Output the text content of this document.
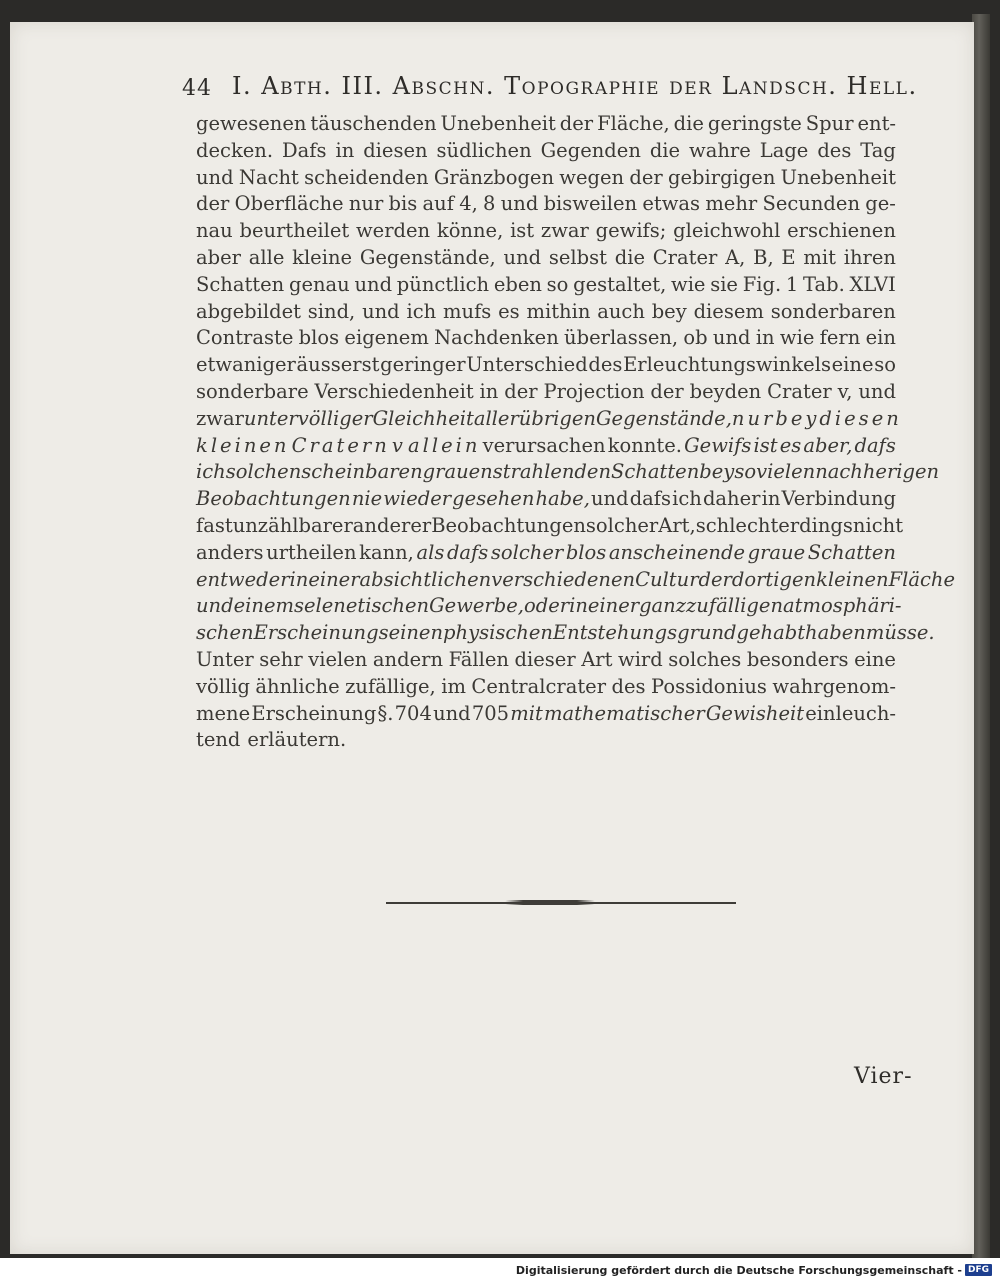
44 I. Abth. III. Abschn. Topographie der Landsch. Hell.
gewesenen täuschenden Unebenheit der Fläche, die geringste Spur ent-
decken. Dafs in diesen südlichen Gegenden die wahre Lage des Tag
und Nacht scheidenden Gränzbogen wegen der gebirgigen Unebenheit
der Oberfläche nur bis auf 4, 8 und bisweilen etwas mehr Secunden ge-
nau beurtheilet werden könne, ist zwar gewifs; gleichwohl erschienen
aber alle kleine Gegenstände, und selbst die Crater A, B, E mit ihren
Schatten genau und pünctlich eben so gestaltet, wie sie Fig. 1 Tab. XLVI
abgebildet sind, und ich mufs es mithin auch bey diesem sonderbaren
Contraste blos eigenem Nachdenken überlassen, ob und in wie fern ein
etwaniger äusserst geringer Unterschied des Erleuchtungswinkels eine so
sonderbare Verschiedenheit in der Projection der beyden Crater v, und
zwar unter völliger Gleichheit aller übrigen Gegenstände, nur bey diesen
kleinen Cratern v allein verursachen konnte. Gewifs ist es aber, dafs
ich solchen scheinbaren grauen strahlenden Schatten bey so vielen nachherigen
Beobachtungen nie wieder gesehen habe, und dafs ich daher in Verbindung
fast unzählbarer anderer Beobachtungen solcher Art, schlechterdings nicht
anders urtheilen kann, als dafs solcher blos anscheinende graue Schatten
entweder in einer absichtlichen verschiedenen Cultur der dortigen kleinen Fläche
und einem selenetischen Gewerbe, oder in einer ganz zufälligen atmosphäri-
schen Erscheinung seinen physischen Entstehungsgrund gehabt haben müsse.
Unter sehr vielen andern Fällen dieser Art wird solches besonders eine
völlig ähnliche zufällige, im Centralcrater des Possidonius wahrgenom-
mene Erscheinung §. 704 und 705 mit mathematischer Gewisheit einleuch-
tend erläutern.
Vier-
Digitalisierung gefördert durch die Deutsche Forschungsgemeinschaft - DFG
